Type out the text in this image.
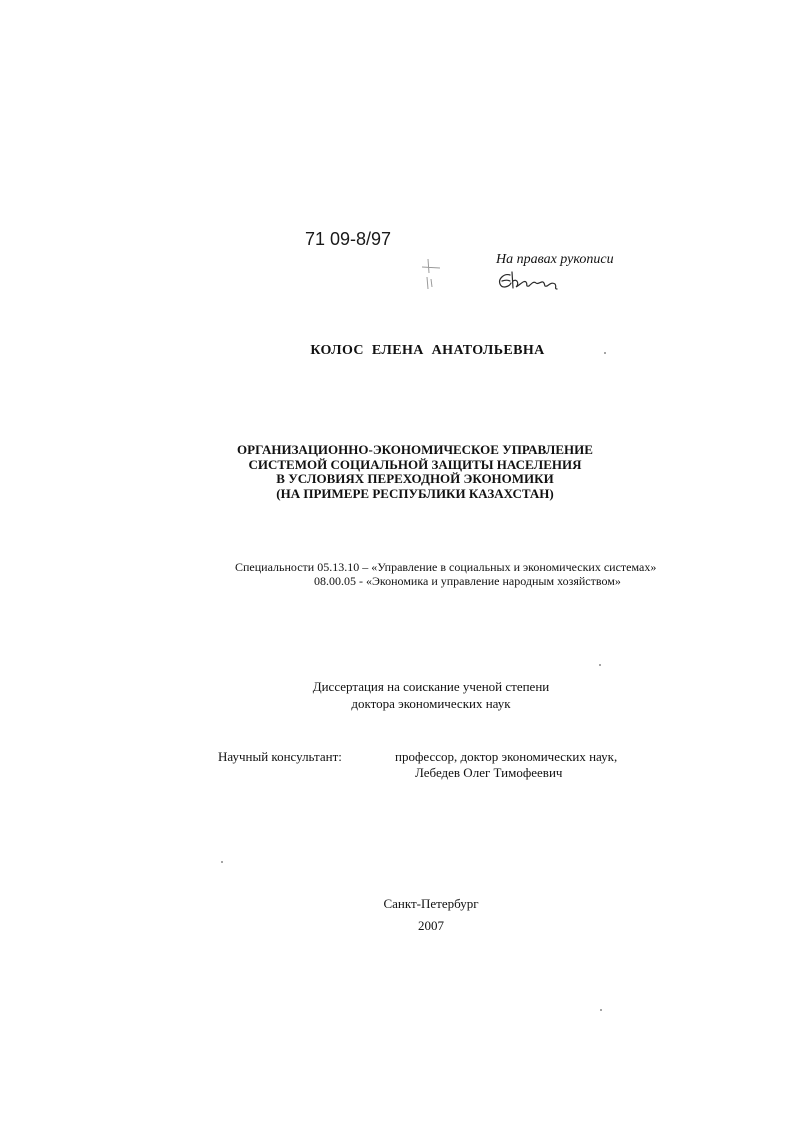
71 09-8/97
На правах рукописи
КОЛОС ЕЛЕНА АНАТОЛЬЕВНА
ОРГАНИЗАЦИОННО-ЭКОНОМИЧЕСКОЕ УПРАВЛЕНИЕ
СИСТЕМОЙ СОЦИАЛЬНОЙ ЗАЩИТЫ НАСЕЛЕНИЯ
В УСЛОВИЯХ ПЕРЕХОДНОЙ ЭКОНОМИКИ
(НА ПРИМЕРЕ РЕСПУБЛИКИ КАЗАХСТАН)
Специальности 05.13.10 – «Управление в социальных и экономических системах»
08.00.05 - «Экономика и управление народным хозяйством»
Диссертация на соискание ученой степени
доктора экономических наук
Научный консультант:	профессор, доктор экономических наук,
Лебедев Олег Тимофеевич
Санкт-Петербург
2007
